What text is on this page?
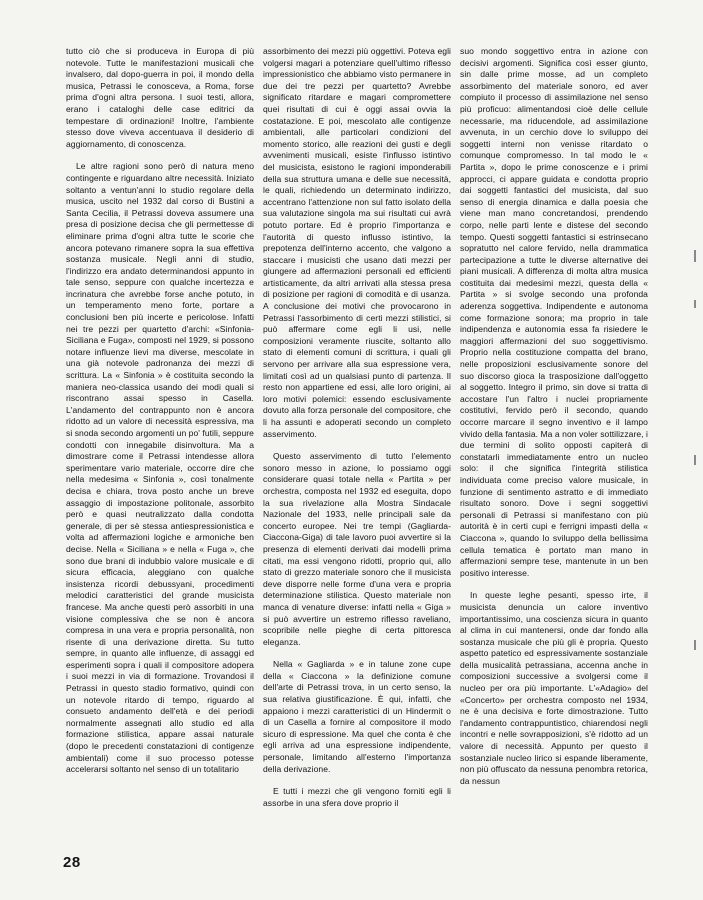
tutto ciò che si produceva in Europa di più notevole. Tutte le manifestazioni musicali che invalsero, dal dopo-guerra in poi, il mondo della musica, Petrassi le conosceva, a Roma, forse prima d'ogni altra persona. I suoi testi, allora, erano i cataloghi delle case editrici da tempestare di ordinazioni! Inoltre, l'ambiente stesso dove viveva accentuava il desiderio di aggiornamento, di conoscenza.

Le altre ragioni sono però di natura meno contingente e riguardano altre necessità. Iniziato soltanto a ventun'anni lo studio regolare della musica, uscito nel 1932 dal corso di Bustini a Santa Cecilia, il Petrassi doveva assumere una presa di posizione decisa che gli permettesse di eliminare prima d'ogni altra tutte le scorie che ancora potevano rimanere sopra la sua effettiva sostanza musicale. Negli anni di studio, l'indirizzo era andato determinandosi appunto in tale senso, seppure con qualche incertezza e incrinatura che avrebbe forse anche potuto, in un temperamento meno forte, portare a conclusioni ben più incerte e pericolose. Infatti nei tre pezzi per quartetto d'archi: «Sinfonia-Siciliana e Fuga», composti nel 1929, si possono notare influenze lievi ma diverse, mescolate in una già notevole padronanza dei mezzi di scrittura. La « Sinfonia » è costituita secondo la maniera neo-classica usando dei modi quali si riscontrano assai spesso in Casella. L'andamento del contrappunto non è ancora ridotto ad un valore di necessità espressiva, ma si snoda secondo argomenti un po' futili, seppure condotti con innegabile disinvoltura. Ma a dimostrare come il Petrassi intendesse allora sperimentare vario materiale, occorre dire che nella medesima « Sinfonia », così tonalmente decisa e chiara, trova posto anche un breve assaggio di impostazione politonale, assorbito però e quasi neutralizzato dalla condotta generale, di per sè stessa antiespressionistica e volta ad affermazioni logiche e armoniche ben decise. Nella « Siciliana » e nella « Fuga », che sono due brani di indubbio valore musicale e di sicura efficacia, aleggiano con qualche insistenza ricordi debussyani, procedimenti melodici caratteristici del grande musicista francese. Ma anche questi però assorbiti in una visione complessiva che se non è ancora compresa in una vera e propria personalità, non risente di una derivazione diretta. Su tutto sempre, in quanto alle influenze, di assaggi ed esperimenti sopra i quali il compositore adopera i suoi mezzi in via di formazione. Trovandosi il Petrassi in questo stadio formativo, quindi con un notevole ritardo di tempo, riguardo al consueto andamento dell'età e dei periodi normalmente assegnati allo studio ed alla formazione stilistica, appare assai naturale (dopo le precedenti constatazioni di contigenze ambientali) come il suo processo potesse accelerarsi soltanto nel senso di un totalitario

assorbimento dei mezzi più oggettivi. Poteva egli volgersi magari a potenziare quell'ultimo riflesso impressionistico che abbiamo visto permanere in due dei tre pezzi per quartetto? Avrebbe significato ritardare e magari compromettere quei risultati di cui è oggi assai ovvia la costatazione. E poi, mescolato alle contigenze ambientali, alle particolari condizioni del momento storico, alle reazioni dei gusti e degli avvenimenti musicali, esiste l'influsso istintivo del musicista, esistono le ragioni imponderabili della sua struttura umana e delle sue necessità, le quali, richiedendo un determinato indirizzo, accentrano l'attenzione non sul fatto isolato della sua valutazione singola ma sui risultati cui avrà potuto portare. Ed è proprio l'importanza e l'autorità di questo influsso istintivo, la prepotenza dell'interno accento, che valgono a staccare i musicisti che usano dati mezzi per giungere ad affermazioni personali ed efficienti artisticamente, da altri arrivati alla stessa presa di posizione per ragioni di comodità e di usanza. A conclusione dei motivi che provocarono in Petrassi l'assorbimento di certi mezzi stilistici, si può affermare come egli li usi, nelle composizioni veramente riuscite, soltanto allo stato di elementi comuni di scrittura, i quali gli servono per arrivare alla sua espressione vera, limitati così ad un qualsiasi punto di partenza. Il resto non appartiene ed essi, alle loro origini, ai loro motivi polemici: essendo esclusivamente dovuto alla forza personale del compositore, che li ha assunti e adoperati secondo un completo asservimento.

Questo asservimento di tutto l'elemento sonoro messo in azione, lo possiamo oggi considerare quasi totale nella « Partita » per orchestra, composta nel 1932 ed eseguita, dopo la sua rivelazione alla Mostra Sindacale Nazionale del 1933, nelle principali sale da concerto europee. Nei tre tempi (Gagliarda-Ciaccona-Giga) di tale lavoro puoi avvertire si la presenza di elementi derivati dai modelli prima citati, ma essi vengono ridotti, proprio qui, allo stato di grezzo materiale sonoro che il musicista deve disporre nelle forme d'una vera e propria determinazione stilistica. Questo materiale non manca di venature diverse: infatti nella « Giga » si può avvertire un estremo riflesso raveliano, scopribile nelle pieghe di certa pittoresca eleganza.

Nella « Gagliarda » e in talune zone cupe della « Ciaccona » la definizione comune dell'arte di Petrassi trova, in un certo senso, la sua relativa giustificazione. È qui, infatti, che appaiono i mezzi caratteristici di un Hindermit o di un Casella a fornire al compositore il modo sicuro di espressione. Ma quel che conta è che egli arriva ad una espressione indipendente, personale, limitando all'esterno l'importanza della derivazione.

E tutti i mezzi che gli vengono forniti egli li assorbe in una sfera dove proprio il

suo mondo soggettivo entra in azione con decisivi argomenti. Significa così esser giunto, sin dalle prime mosse, ad un completo assorbimento del materiale sonoro, ed aver compiuto il processo di assimilazione nel senso più proficuo: alimentandosi cioè delle cellule necessarie, ma riducendole, ad assimilazione avvenuta, in un cerchio dove lo sviluppo dei soggetti interni non venisse ritardato o comunque compromesso. In tal modo le « Partita », dopo le prime conoscenze e i primi approcci, ci appare guidata e condotta proprio dai soggetti fantastici del musicista, dal suo senso di energia dinamica e dalla poesia che viene man mano concretandosi, prendendo corpo, nelle parti lente e distese del secondo tempo. Questi soggetti fantastici si estrinsecano sopratutto nel calore fervido, nella drammatica partecipazione a tutte le diverse alternative dei piani musicali. A differenza di molta altra musica costituita dai medesimi mezzi, questa della « Partita » si svolge secondo una profonda aderenza soggettiva. Indipendente e autonoma come formazione sonora; ma proprio in tale indipendenza e autonomia essa fa risiedere le maggiori affermazioni del suo soggettivismo. Proprio nella costituzione compatta del brano, nelle proposizioni esclusivamente sonore del suo discorso gioca la trasposizione dall'oggetto al soggetto. Integro il primo, sin dove si tratta di accostare l'un l'altro i nuclei propriamente costitutivi, fervido però il secondo, quando occorre marcare il segno inventivo e il lampo vivido della fantasia. Ma a non voler sottilizzare, i due termini di solito opposti capiterà di constatarli immediatamente entro un nucleo solo: il che significa l'integrità stilistica individuata come preciso valore musicale, in funzione di sentimento astratto e di immediato risultato sonoro. Dove i segni soggettivi personali di Petrassi si manifestano con più autorità è in certi cupi e ferrigni impasti della « Ciaccona », quando lo sviluppo della bellissima cellula tematica è portato man mano in affermazioni sempre tese, mantenute in un ben positivo interesse.

In queste leghe pesanti, spesso irte, il musicista denuncia un calore inventivo importantissimo, una coscienza sicura in quanto al clima in cui mantenersi, onde dar fondo alla sostanza musicale che più gli è propria. Questo aspetto patetico ed espressivamente sostanziale della musicalità petrassiana, accenna anche in composizioni successive a svolgersi come il nucleo per ora più importante. L'«Adagio» del «Concerto» per orchestra composto nel 1934, ne è una decisiva e forte dimostrazione. Tutto l'andamento contrappuntistico, chiarendosi negli incontri e nelle sovrapposizioni, s'è ridotto ad un valore di necessità. Appunto per questo il sostanziale nucleo lirico si espande liberamente, non più offuscato da nessuna penombra retorica, da nessun

28
